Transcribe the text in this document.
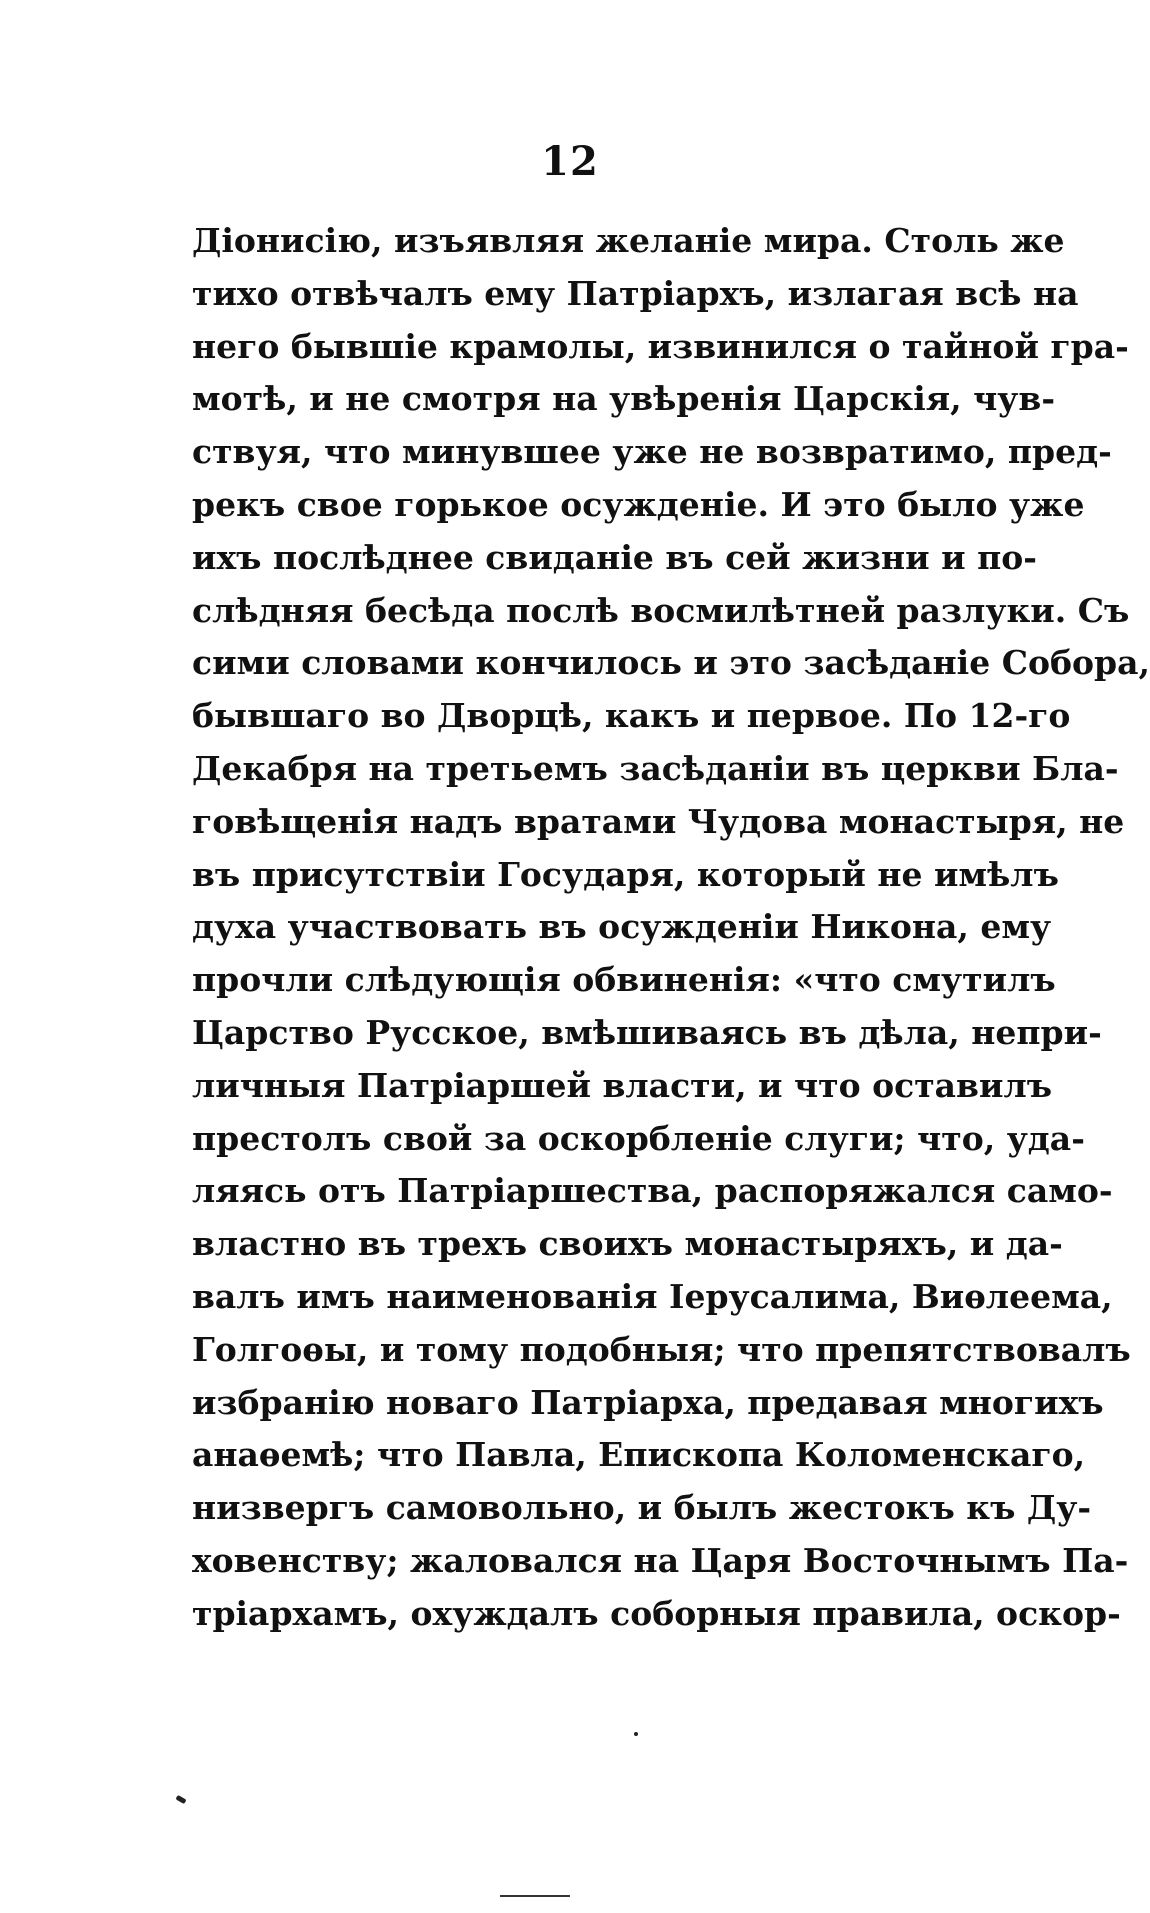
12
Діонисію, изъявляя желаніе мира. Столь же
тихо отвѣчалъ ему Патріархъ, излагая всѣ на
него бывшіе крамолы, извинился о тайной гра-
мотѣ, и не смотря на увѣренія Царскія, чув-
ствуя, что минувшее уже не возвратимо, пред-
рекъ свое горькое осужденіе. И это было уже
ихъ послѣднее свиданіе въ сей жизни и по-
слѣдняя бесѣда послѣ восмилѣтней разлуки. Съ
сими словами кончилось и это засѣданіе Собора,
бывшаго во Дворцѣ, какъ и первое. По 12-го
Декабря на третьемъ засѣданіи въ церкви Бла-
говѣщенія надъ вратами Чудова монастыря, не
въ присутствіи Государя, который не имѣлъ
духа участвовать въ осужденіи Никона, ему
прочли слѣдующія обвиненія: «что смутилъ
Царство Русское, вмѣшиваясь въ дѣла, непри-
личныя Патріаршей власти, и что оставилъ
престолъ свой за оскорбленіе слуги; что, уда-
ляясь отъ Патріаршества, распоряжался само-
властно въ трехъ своихъ монастыряхъ, и да-
валъ имъ наименованія Іерусалима, Виѳлеема,
Голгоѳы, и тому подобныя; что препятствовалъ
избранію новаго Патріарха, предавая многихъ
анаѳемѣ; что Павла, Епископа Коломенскаго,
низвергъ самовольно, и былъ жестокъ къ Ду-
ховенству; жаловался на Царя Восточнымъ Па-
тріархамъ, охуждалъ соборныя правила, оскор-
